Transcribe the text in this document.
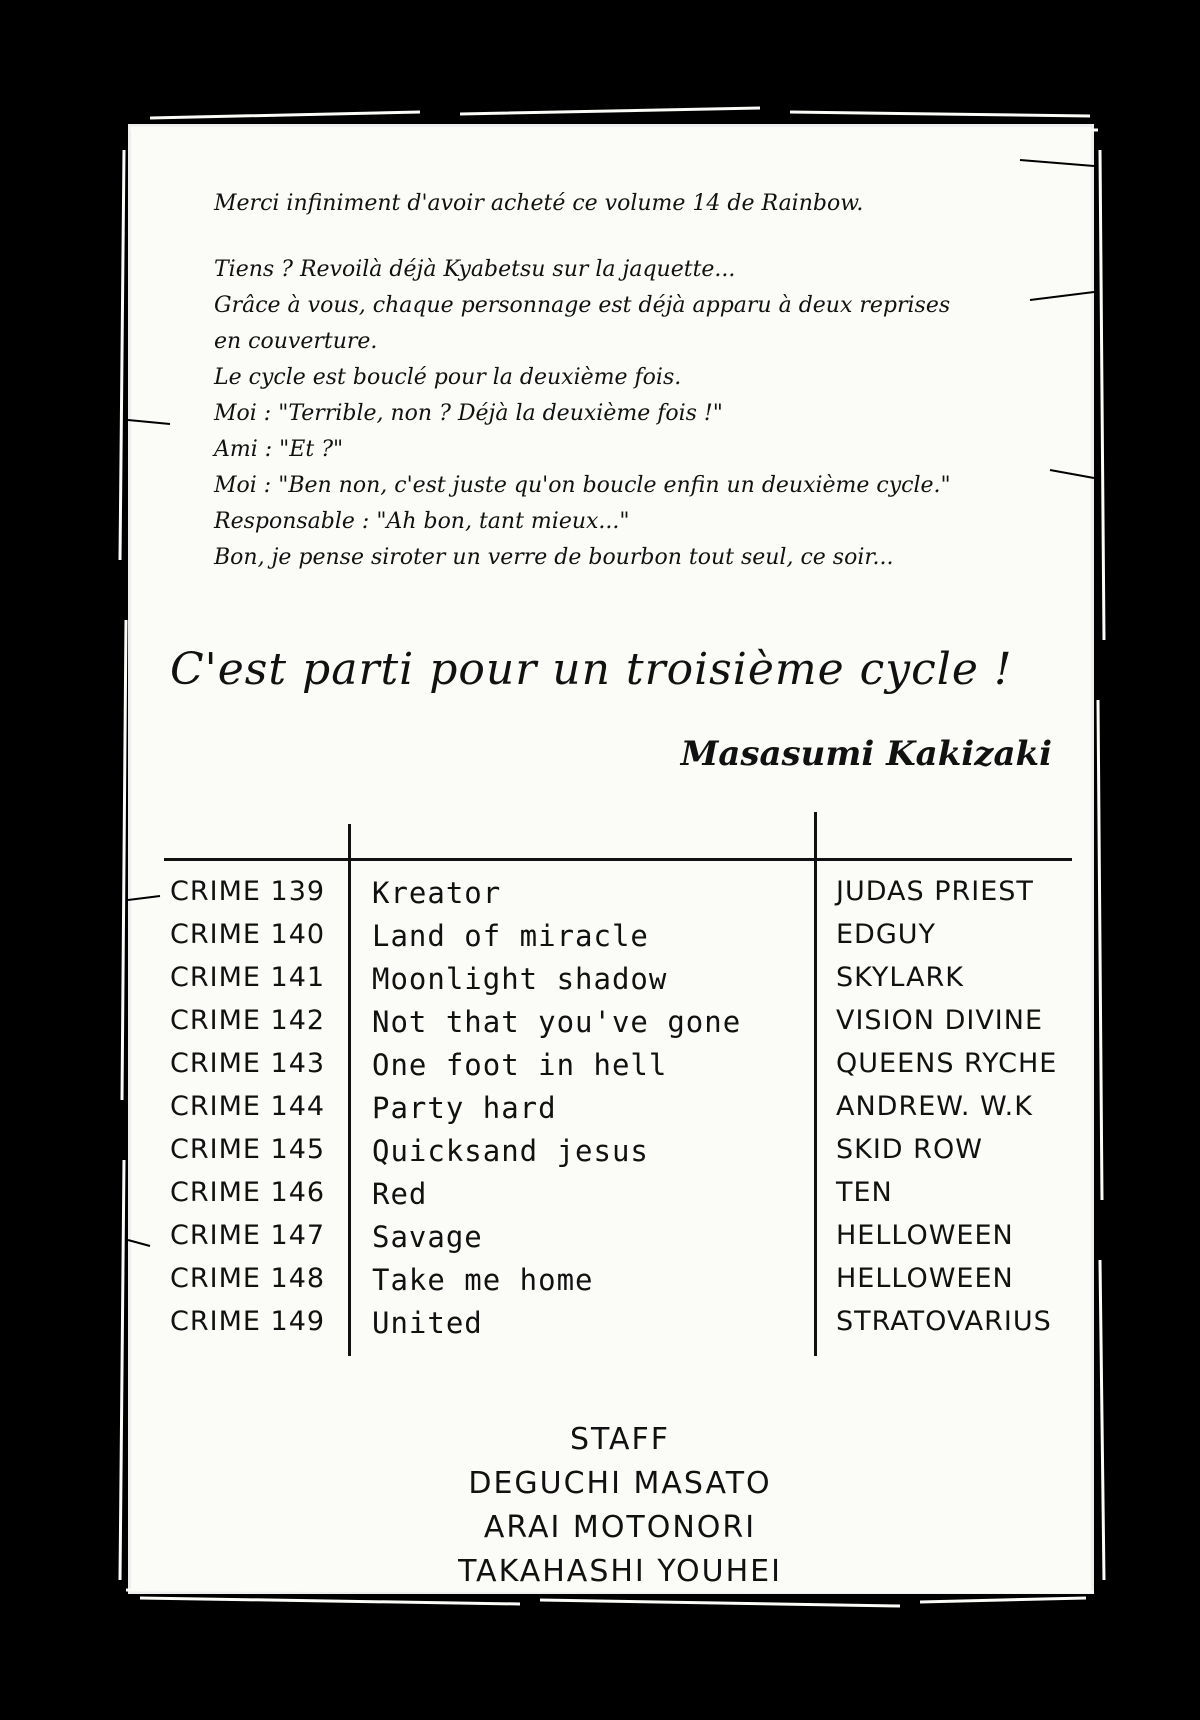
Merci infiniment d'avoir acheté ce volume 14 de Rainbow.
Tiens ? Revoilà déjà Kyabetsu sur la jaquette...
Grâce à vous, chaque personnage est déjà apparu à deux reprises
en couverture.
Le cycle est bouclé pour la deuxième fois.
Moi : "Terrible, non ? Déjà la deuxième fois !"
Ami : "Et ?"
Moi : "Ben non, c'est juste qu'on boucle enfin un deuxième cycle."
Responsable : "Ah bon, tant mieux..."
Bon, je pense siroter un verre de bourbon tout seul, ce soir...
C'est parti pour un troisième cycle !
Masasumi Kakizaki
CRIME 139 Kreator	JUDAS PRIEST
CRIME 140 Land of miracle	EDGUY
CRIME 141 Moonlight shadow	SKYLARK
CRIME 142 Not that you've gone	VISION DIVINE
CRIME 143 One foot in hell	QUEENS RYCHE
CRIME 144 Party hard	ANDREW. W.K
CRIME 145 Quicksand jesus	SKID ROW
CRIME 146 Red	TEN
CRIME 147 Savage	HELLOWEEN
CRIME 148 Take me home	HELLOWEEN
CRIME 149 United	STRATOVARIUS
STAFF
DEGUCHI MASATO
ARAI MOTONORI
TAKAHASHI YOUHEI
